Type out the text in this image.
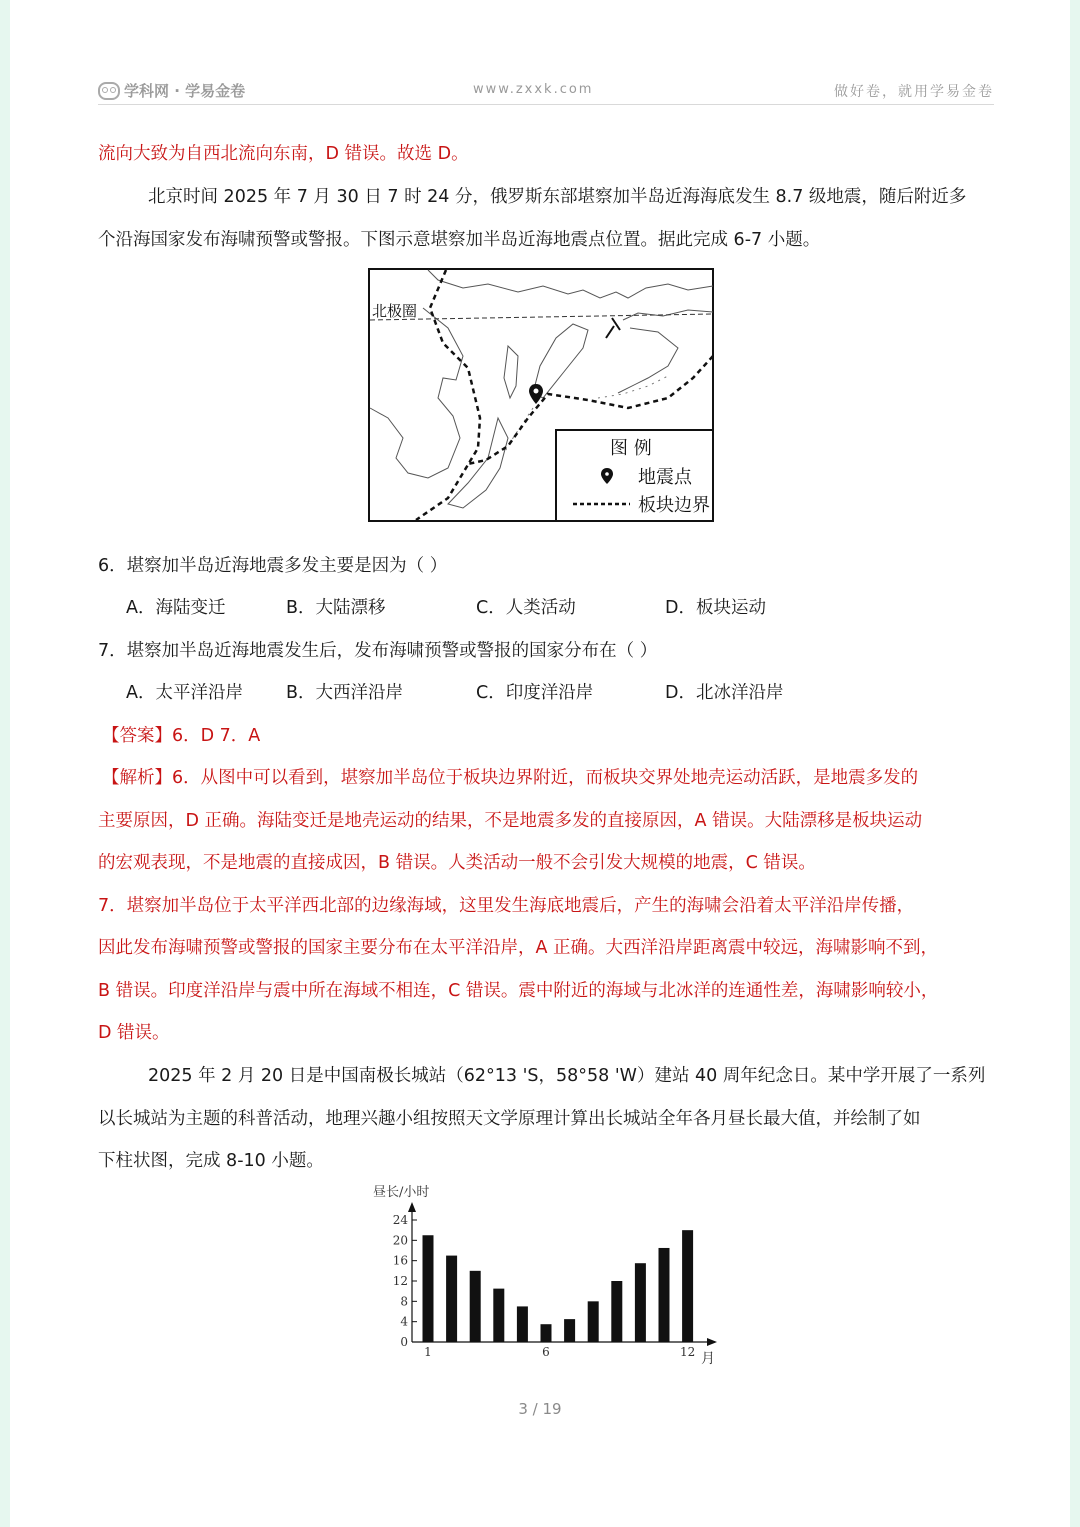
学科网 · 学易金卷	www.zxxk.com	做好卷，就用学易金卷
流向大致为自西北流向东南，D 错误。故选 D。
北京时间 2025 年 7 月 30 日 7 时 24 分，俄罗斯东部堪察加半岛近海海底发生 8.7 级地震，随后附近多
个沿海国家发布海啸预警或警报。下图示意堪察加半岛近海地震点位置。据此完成 6-7 小题。
北极圈
图 例
地震点
板块边界
6．堪察加半岛近海地震多发主要是因为（ ）
A．海陆变迁	B．大陆漂移	C．人类活动	D．板块运动
7．堪察加半岛近海地震发生后，发布海啸预警或警报的国家分布在（ ）
A．太平洋沿岸 B．大西洋沿岸	C．印度洋沿岸	D．北冰洋沿岸
【答案】6．D 7．A
【解析】6．从图中可以看到，堪察加半岛位于板块边界附近，而板块交界处地壳运动活跃，是地震多发的
主要原因，D 正确。海陆变迁是地壳运动的结果，不是地震多发的直接原因，A 错误。大陆漂移是板块运动
的宏观表现，不是地震的直接成因，B 错误。人类活动一般不会引发大规模的地震，C 错误。
7．堪察加半岛位于太平洋西北部的边缘海域，这里发生海底地震后，产生的海啸会沿着太平洋沿岸传播，
因此发布海啸预警或警报的国家主要分布在太平洋沿岸，A 正确。大西洋沿岸距离震中较远，海啸影响不到，
B 错误。印度洋沿岸与震中所在海域不相连，C 错误。震中附近的海域与北冰洋的连通性差，海啸影响较小，
D 错误。
2025 年 2 月 20 日是中国南极长城站（62°13 'S，58°58 'W）建站 40 周年纪念日。某中学开展了一系列
以长城站为主题的科普活动，地理兴趣小组按照天文学原理计算出长城站全年各月昼长最大值，并绘制了如
下柱状图，完成 8-10 小题。
昼长/小时
月
0
4
8
12
16
20
24
1	6	12
3 / 19
